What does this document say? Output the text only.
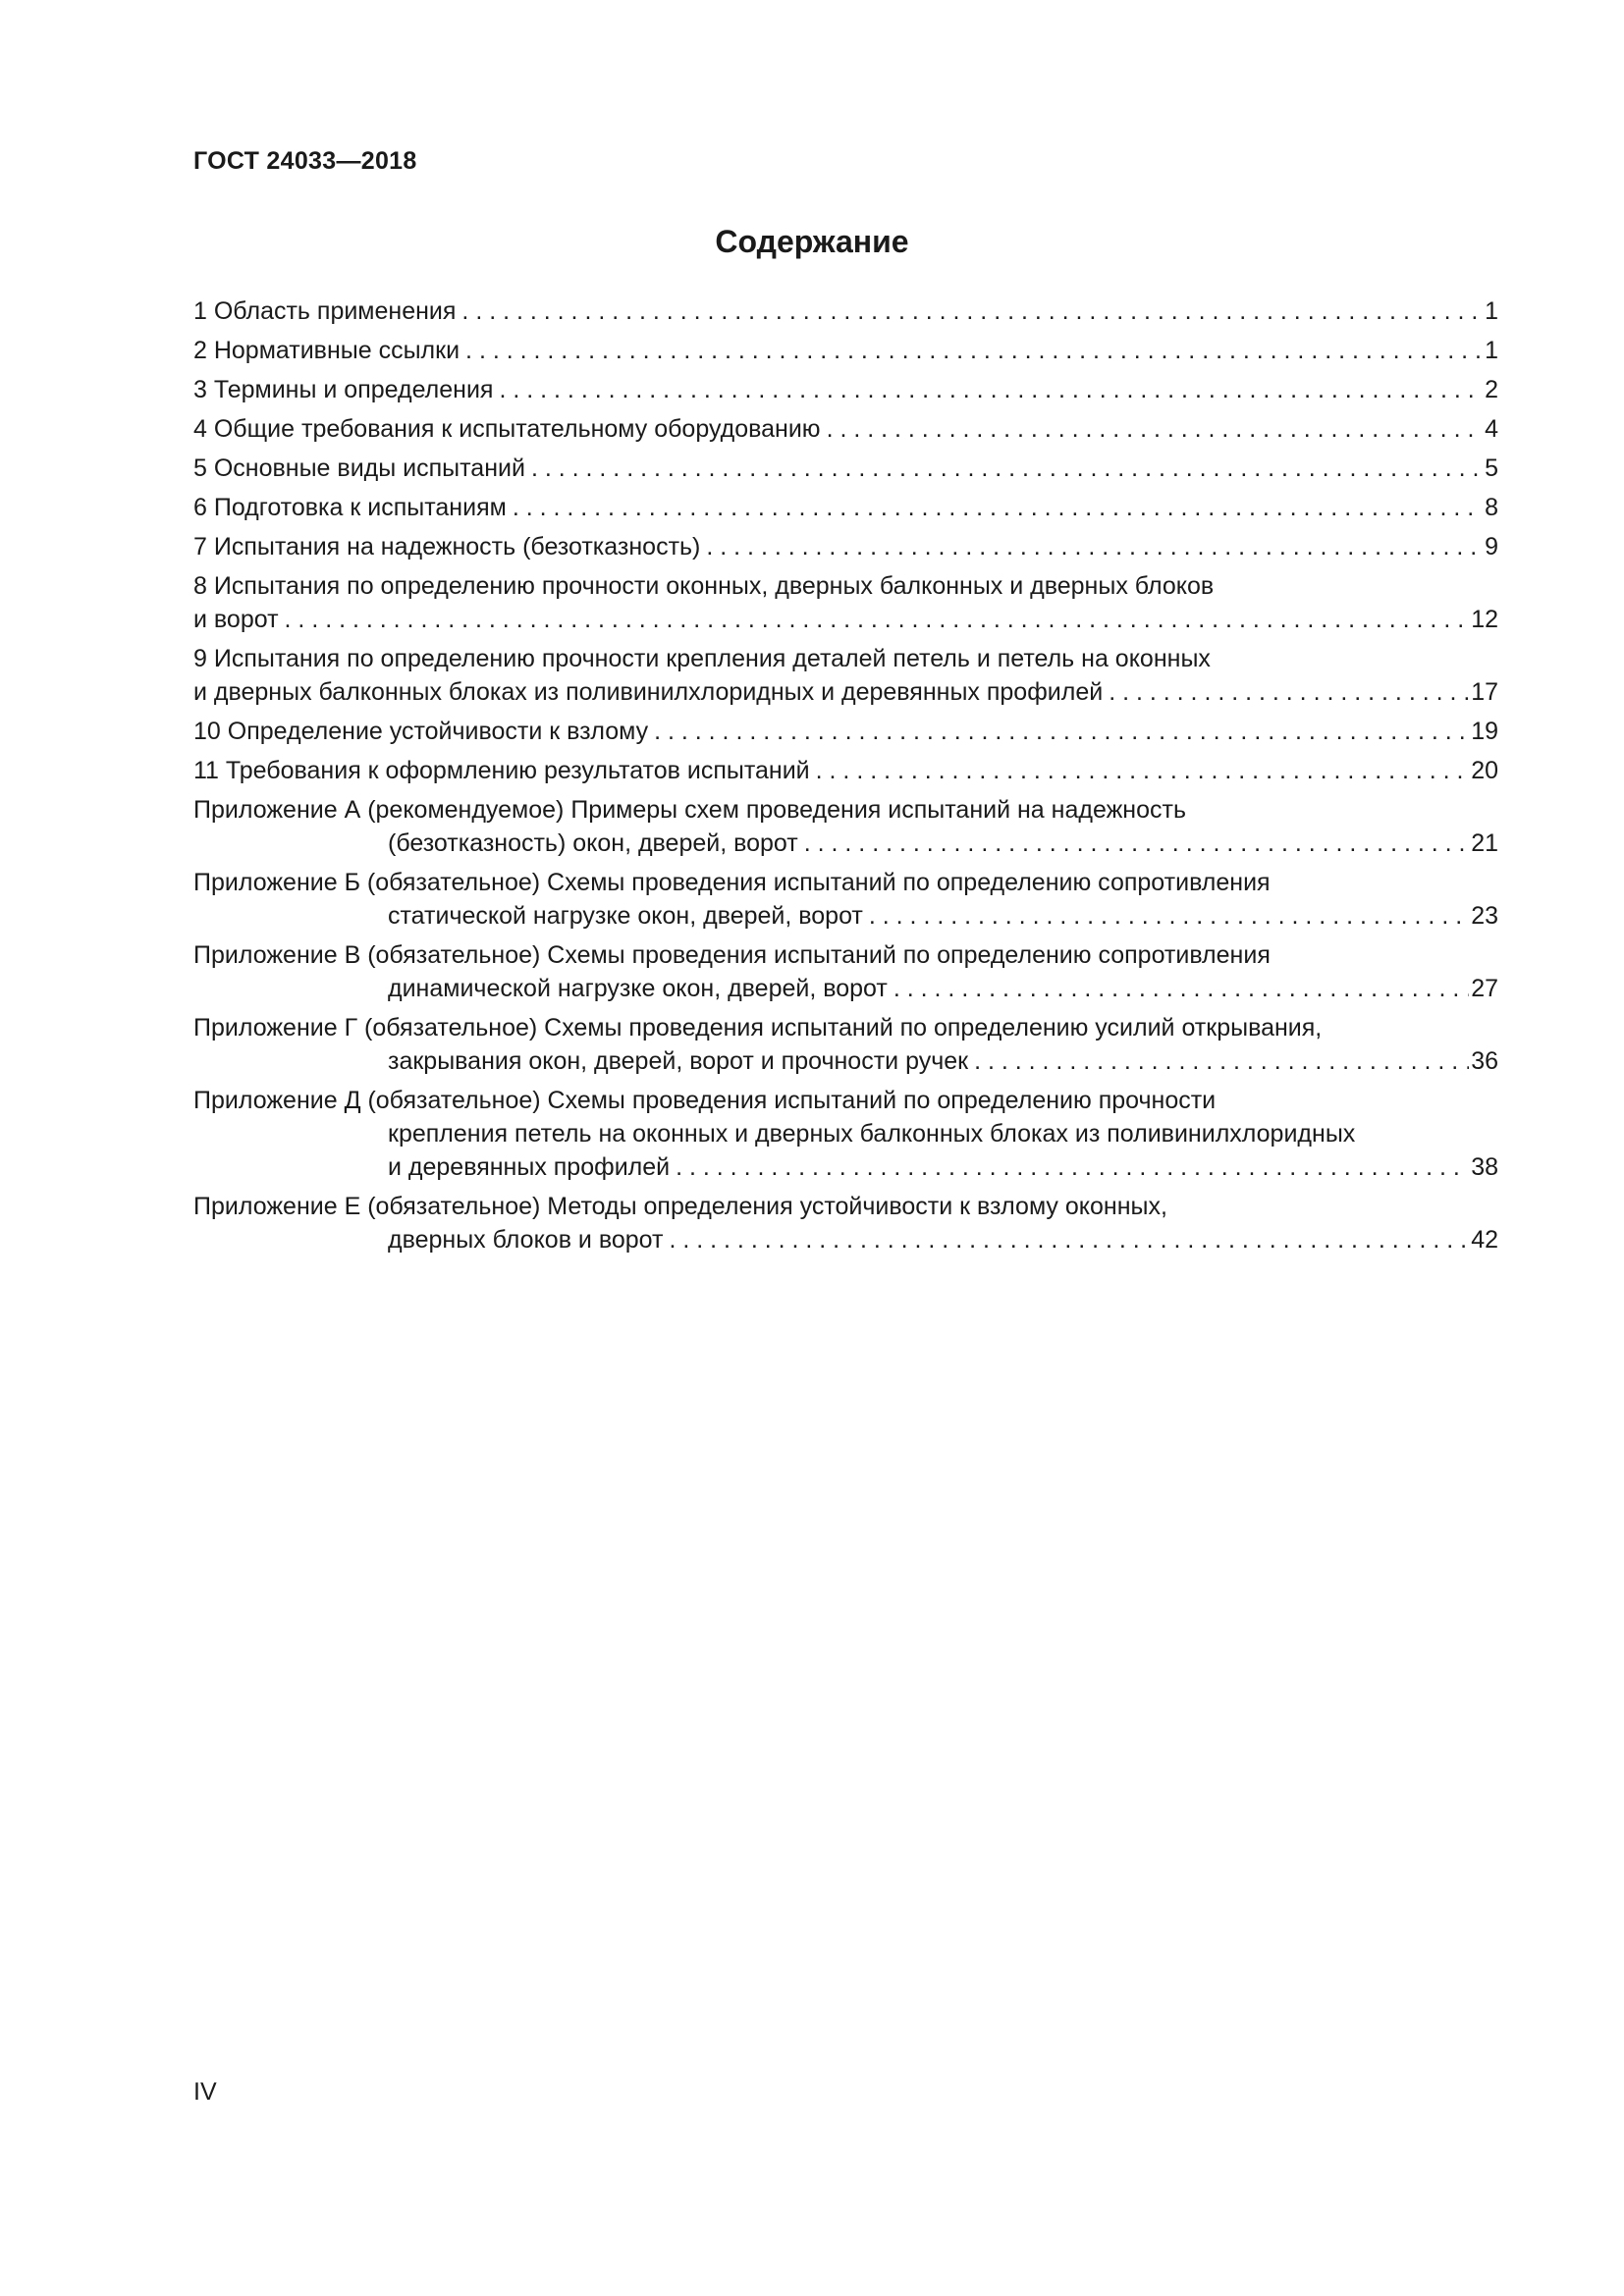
ГОСТ 24033—2018
Содержание
1 Область применения . . .	1
2 Нормативные ссылки . . .	1
3 Термины и определения . . .	2
4 Общие требования к испытательному оборудованию . . .	4
5 Основные виды испытаний . . .	5
6 Подготовка к испытаниям . . .	8
7 Испытания на надежность (безотказность) . . .	9
8 Испытания по определению прочности оконных, дверных балконных и дверных блоков
и ворот . . .	12
9 Испытания по определению прочности крепления деталей петель и петель на оконных
и дверных балконных блоках из поливинилхлоридных и деревянных профилей . . .	17
10 Определение устойчивости к взлому . . .	19
11 Требования к оформлению результатов испытаний . . .	20
Приложение А (рекомендуемое) Примеры схем проведения испытаний на надежность
(безотказность) окон, дверей, ворот . . .	21
Приложение Б (обязательное) Схемы проведения испытаний по определению сопротивления
статической нагрузке окон, дверей, ворот . . .	23
Приложение В (обязательное) Схемы проведения испытаний по определению сопротивления
динамической нагрузке окон, дверей, ворот . . .	27
Приложение Г (обязательное) Схемы проведения испытаний по определению усилий открывания,
закрывания окон, дверей, ворот и прочности ручек . . .	36
Приложение Д (обязательное) Схемы проведения испытаний по определению прочности
крепления петель на оконных и дверных балконных блоках из поливинилхлоридных
и деревянных профилей . . .	38
Приложение Е (обязательное) Методы определения устойчивости к взлому оконных,
дверных блоков и ворот . . .	42
IV
